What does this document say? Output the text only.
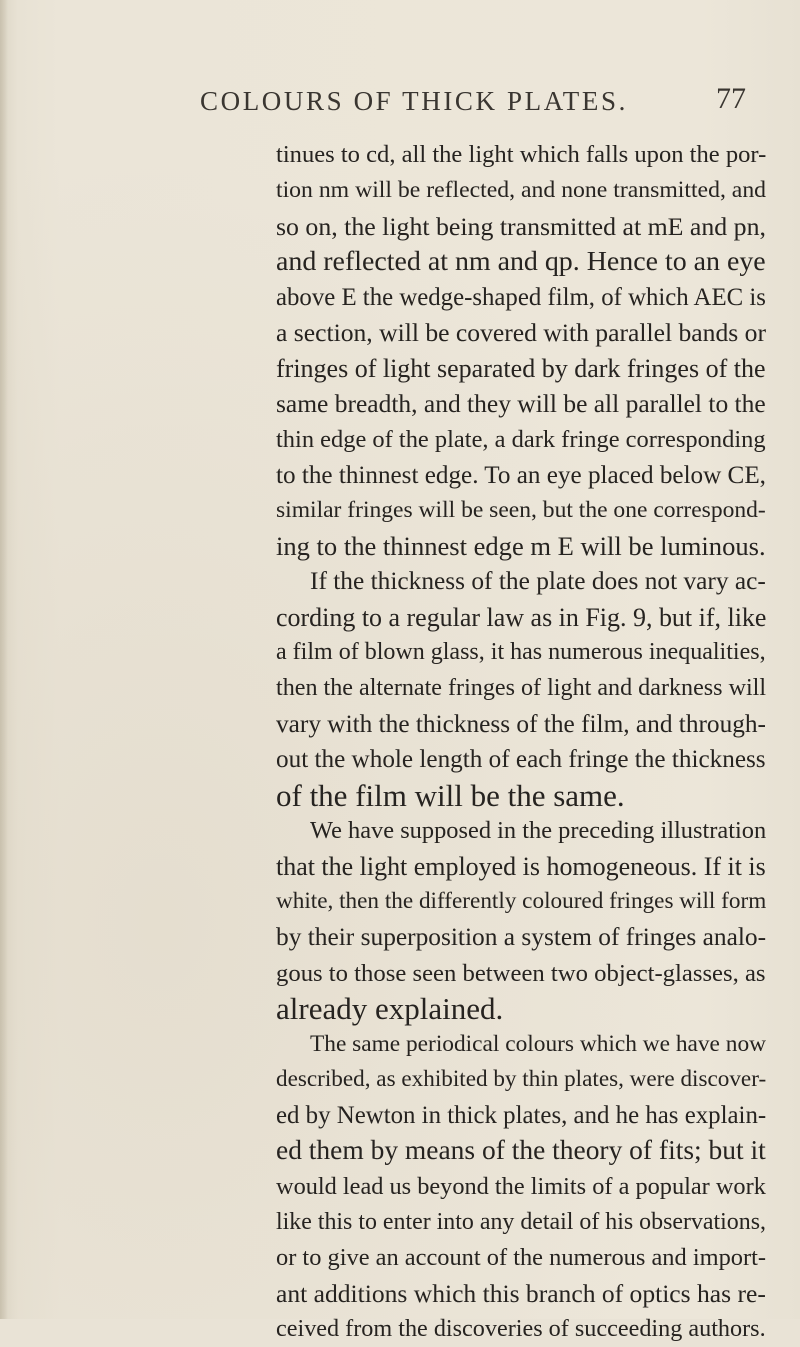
COLOURS OF THICK PLATES.	77
tinues to cd, all the light which falls upon the por-
tion nm will be reflected, and none transmitted, and
so on, the light being transmitted at mE and pn,
and reflected at nm and qp. Hence to an eye
above E the wedge-shaped film, of which AEC is
a section, will be covered with parallel bands or
fringes of light separated by dark fringes of the
same breadth, and they will be all parallel to the
thin edge of the plate, a dark fringe corresponding
to the thinnest edge. To an eye placed below CE,
similar fringes will be seen, but the one correspond-
ing to the thinnest edge m E will be luminous.
If the thickness of the plate does not vary ac-
cording to a regular law as in Fig. 9, but if, like
a film of blown glass, it has numerous inequalities,
then the alternate fringes of light and darkness will
vary with the thickness of the film, and through-
out the whole length of each fringe the thickness
of the film will be the same.
We have supposed in the preceding illustration
that the light employed is homogeneous. If it is
white, then the differently coloured fringes will form
by their superposition a system of fringes analo-
gous to those seen between two object-glasses, as
already explained.
The same periodical colours which we have now
described, as exhibited by thin plates, were discover-
ed by Newton in thick plates, and he has explain-
ed them by means of the theory of fits; but it
would lead us beyond the limits of a popular work
like this to enter into any detail of his observations,
or to give an account of the numerous and import-
ant additions which this branch of optics has re-
ceived from the discoveries of succeeding authors.
